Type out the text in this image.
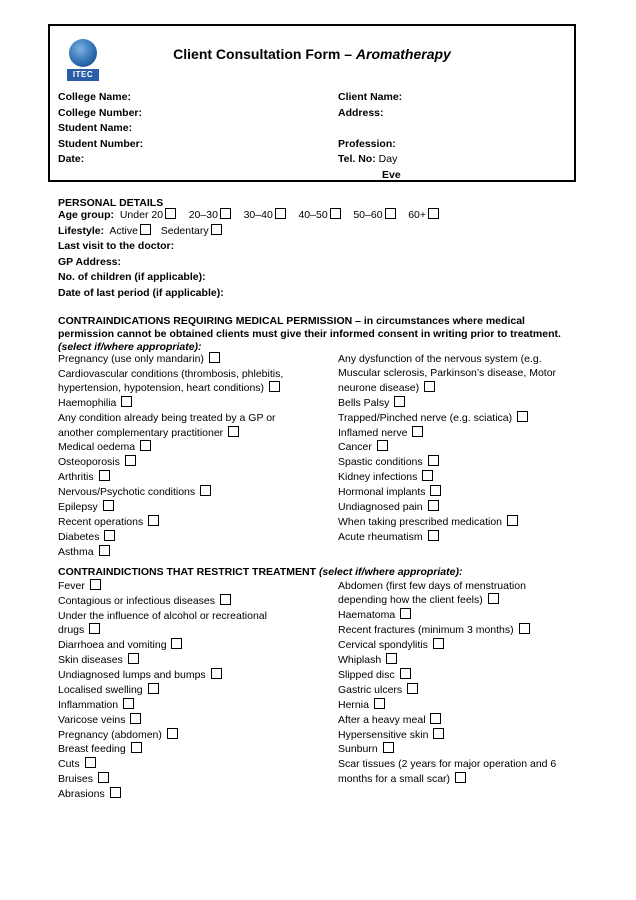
ITEC
Client Consultation Form – Aromatherapy
College Name:
College Number:
Student Name:
Student Number:
Date:
Client Name:
Address:
Profession:
Tel. No: Day
Eve
PERSONAL DETAILS
Age group: Under 20 20–30 30–40 40–50 50–60 60+
Lifestyle: Active Sedentary
Last visit to the doctor:
GP Address:
No. of children (if applicable):
Date of last period (if applicable):
CONTRAINDICATIONS REQUIRING MEDICAL PERMISSION – in circumstances where medical
permission cannot be obtained clients must give their informed consent in writing prior to treatment.
(select if/where appropriate):
Pregnancy (use only mandarin)
Cardiovascular conditions (thrombosis, phlebitis, hypertension, hypotension, heart conditions)
Haemophilia
Any condition already being treated by a GP or another complementary practitioner
Medical oedema
Osteoporosis
Arthritis
Nervous/Psychotic conditions
Epilepsy
Recent operations
Diabetes
Asthma
Any dysfunction of the nervous system (e.g. Muscular sclerosis, Parkinson’s disease, Motor neurone disease)
Bells Palsy
Trapped/Pinched nerve (e.g. sciatica)
Inflamed nerve
Cancer
Spastic conditions
Kidney infections
Hormonal implants
Undiagnosed pain
When taking prescribed medication
Acute rheumatism
CONTRAINDICTIONS THAT RESTRICT TREATMENT (select if/where appropriate):
Fever
Contagious or infectious diseases
Under the influence of alcohol or recreational drugs
Diarrhoea and vomiting
Skin diseases
Undiagnosed lumps and bumps
Localised swelling
Inflammation
Varicose veins
Pregnancy (abdomen)
Breast feeding
Cuts
Bruises
Abrasions
Abdomen (first few days of menstruation depending how the client feels)
Haematoma
Recent fractures (minimum 3 months)
Cervical spondylitis
Whiplash
Slipped disc
Gastric ulcers
Hernia
After a heavy meal
Hypersensitive skin
Sunburn
Scar tissues (2 years for major operation and 6 months for a small scar)
